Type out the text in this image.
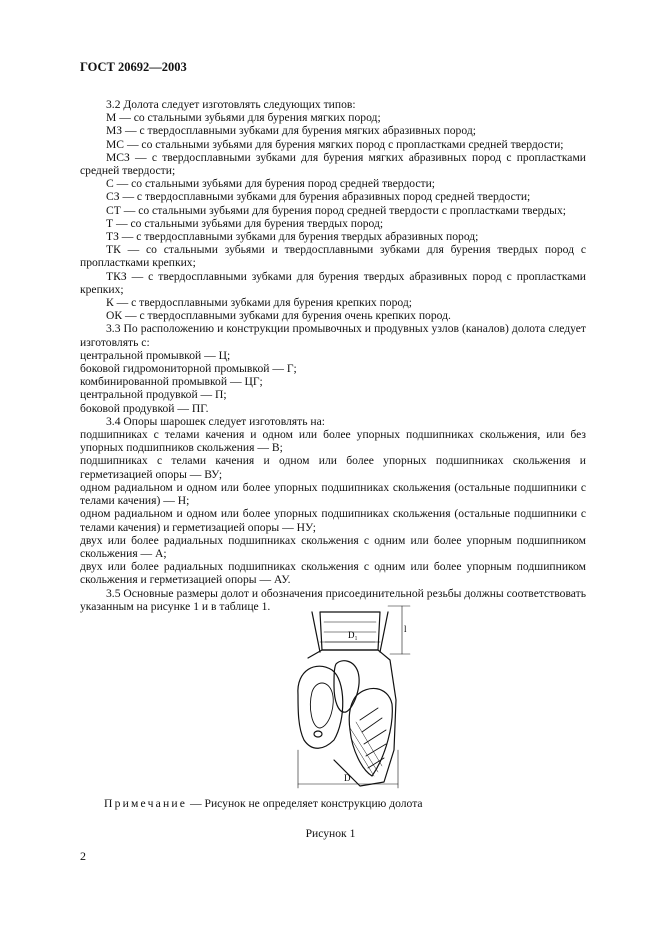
ГОСТ 20692—2003

3.2 Долота следует изготовлять следующих типов:

М — со стальными зубьями для бурения мягких пород;

МЗ — с твердосплавными зубками для бурения мягких абразивных пород;

МС — со стальными зубьями для бурения мягких пород с пропластками средней твердости;

МСЗ — с твердосплавными зубками для бурения мягких абразивных пород с пропластками средней твердости;

С — со стальными зубьями для бурения пород средней твердости;

СЗ — с твердосплавными зубками для бурения абразивных пород средней твердости;

СТ — со стальными зубьями для бурения пород средней твердости с пропластками твердых;

Т — со стальными зубьями для бурения твердых пород;

ТЗ — с твердосплавными зубками для бурения твердых абразивных пород;

ТК — со стальными зубьями и твердосплавными зубками для бурения твердых пород с пропластками крепких;

ТКЗ — с твердосплавными зубками для бурения твердых абразивных пород с пропластками крепких;

К — с твердосплавными зубками для бурения крепких пород;

ОК — с твердосплавными зубками для бурения очень крепких пород.

3.3 По расположению и конструкции промывочных и продувных узлов (каналов) долота следует изготовлять с:

центральной промывкой — Ц;

боковой гидромониторной промывкой — Г;

комбинированной промывкой — ЦГ;

центральной продувкой — П;

боковой продувкой — ПГ.

3.4 Опоры шарошек следует изготовлять на:

подшипниках с телами качения и одном или более упорных подшипниках скольжения, или без упорных подшипников скольжения — В;

подшипниках с телами качения и одном или более упорных подшипниках скольжения и герметизацией опоры — ВУ;

одном радиальном и одном или более упорных подшипниках скольжения (остальные подшипники с телами качения) — Н;

одном радиальном и одном или более упорных подшипниках скольжения (остальные подшипники с телами качения) и герметизацией опоры — НУ;

двух или более радиальных подшипниках скольжения с одним или более упорным подшипником скольжения — А;

двух или более радиальных подшипниках скольжения с одним или более упорным подшипником скольжения и герметизацией опоры — АУ.

3.5 Основные размеры долот и обозначения присоединительной резьбы должны соответствовать указанным на рисунке 1 и в таблице 1.

D₁
l
D
Примечание — Рисунок не определяет конструкцию долота
Рисунок 1
2
